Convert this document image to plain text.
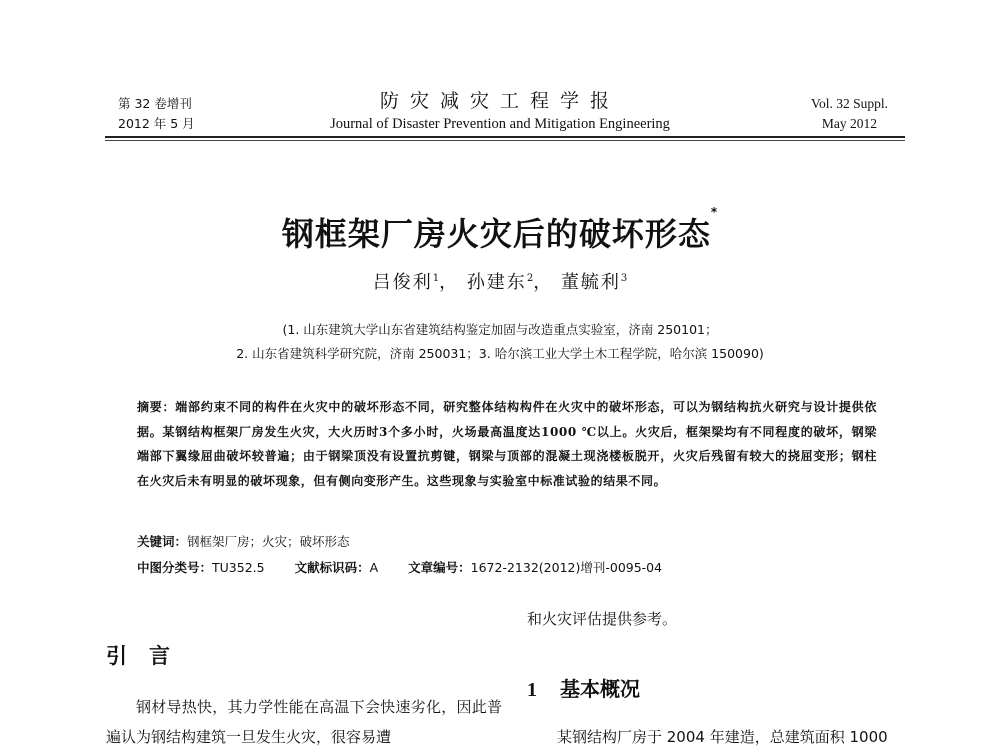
第 32 卷增刊
2012 年 5 月
防灾减灾工程学报
Journal of Disaster Prevention and Mitigation Engineering
Vol. 32 Suppl.
May 2012
钢框架厂房火灾后的破坏形态*
吕俊利$^1$， 孙建东$^2$， 董毓利$^3$
(1. 山东建筑大学山东省建筑结构鉴定加固与改造重点实验室，济南 250101；
2. 山东省建筑科学研究院，济南 250031；3. 哈尔滨工业大学土木工程学院，哈尔滨 150090)
摘要：端部约束不同的构件在火灾中的破坏形态不同，研究整体结构构件在火灾中的破坏形态，可以为钢结构抗火研究与设计提供依据。某钢结构框架厂房发生火灾，大火历时3个多小时，火场最高温度达1000 ℃以上。火灾后，框架梁均有不同程度的破坏，钢梁端部下翼缘屈曲破坏较普遍；由于钢梁顶没有设置抗剪键，钢梁与顶部的混凝土现浇楼板脱开，火灾后残留有较大的挠屈变形；钢柱在火灾后未有明显的破坏现象，但有侧向变形产生。这些现象与实验室中标准试验的结果不同。
关键词：钢框架厂房；火灾；破坏形态
中图分类号：TU352.5 文献标识码：A 文章编号：1672-2132(2012)增刊-0095-04
引言
钢材导热快，其力学性能在高温下会快速劣化，因此普遍认为钢结构建筑一旦发生火灾，很容易遭
和火灾评估提供参考。
1 基本概况
某钢结构厂房于 2004 年建造，总建筑面积 1000
